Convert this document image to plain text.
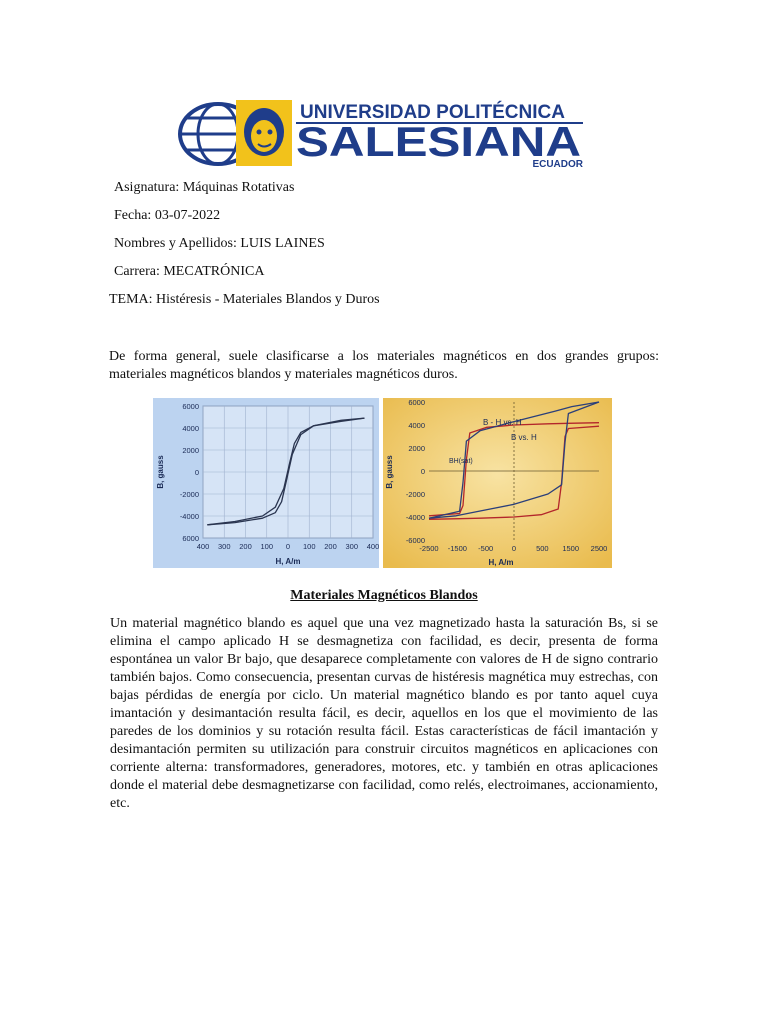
UNIVERSIDAD POLITÉCNICA
SALESIANA
ECUADOR
Asignatura: Máquinas Rotativas
Fecha: 03-07-2022
Nombres y Apellidos: LUIS LAINES
Carrera: MECATRÓNICA
TEMA: Histéresis - Materiales Blandos y Duros
De forma general, suele clasificarse a los materiales magnéticos en dos grandes grupos: materiales magnéticos blandos y materiales magnéticos duros.
400 300 200 100 0 100 200 300 400
6000
4000
2000
0
-2000
-4000
6000
H, A/m
B, gauss
-2500 -1500 -500 0	500 1500 2500
6000
4000
2000
0
-2000
-4000
-6000
B - H vs. H
B vs. H
BH(sat)
H, A/m
B, gauss
Materiales Magnéticos Blandos
Un material magnético blando es aquel que una vez magnetizado hasta la saturación Bs, si se elimina el campo aplicado H se desmagnetiza con facilidad, es decir, presenta de forma espontánea un valor Br bajo, que desaparece completamente con valores de H de signo contrario también bajos. Como consecuencia, presentan curvas de histéresis magnética muy estrechas, con bajas pérdidas de energía por ciclo. Un material magnético blando es por tanto aquel cuya imantación y desimantación resulta fácil, es decir, aquellos en los que el movimiento de las paredes de los dominios y su rotación resulta fácil. Estas características de fácil imantación y desimantación permiten su utilización para construir circuitos magnéticos en aplicaciones con corriente alterna: transformadores, generadores, motores, etc. y también en otras aplicaciones donde el material debe desmagnetizarse con facilidad, como relés, electroimanes, accionamiento, etc.
